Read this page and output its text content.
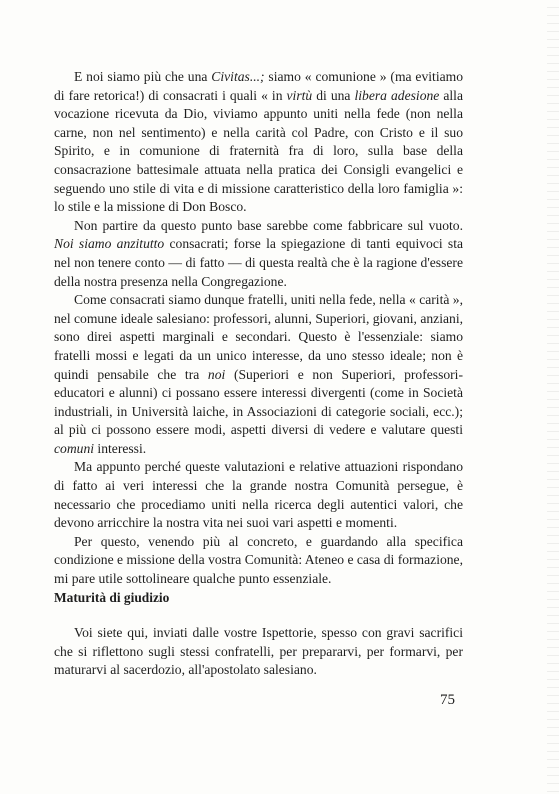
E noi siamo più che una Civitas...; siamo « comunione » (ma evitiamo di fare retorica!) di consacrati i quali « in virtù di una libera adesione alla vocazione ricevuta da Dio, viviamo appunto uniti nella fede (non nella carne, non nel sentimento) e nella carità col Padre, con Cristo e il suo Spirito, e in comunione di fraternità fra di loro, sulla base della consacrazione battesimale attuata nella pratica dei Consigli evangelici e seguendo uno stile di vita e di missione caratteristico della loro famiglia »: lo stile e la missione di Don Bosco.

Non partire da questo punto base sarebbe come fabbricare sul vuoto. Noi siamo anzitutto consacrati; forse la spiegazione di tanti equivoci sta nel non tenere conto — di fatto — di questa realtà che è la ragione d'essere della nostra presenza nella Congregazione.

Come consacrati siamo dunque fratelli, uniti nella fede, nella « carità », nel comune ideale salesiano: professori, alunni, Superiori, giovani, anziani, sono direi aspetti marginali e secondari. Questo è l'essenziale: siamo fratelli mossi e legati da un unico interesse, da uno stesso ideale; non è quindi pensabile che tra noi (Superiori e non Superiori, professori-educatori e alunni) ci possano essere interessi divergenti (come in Società industriali, in Università laiche, in Associazioni di categorie sociali, ecc.); al più ci possono essere modi, aspetti diversi di vedere e valutare questi comuni interessi.

Ma appunto perché queste valutazioni e relative attuazioni rispondano di fatto ai veri interessi che la grande nostra Comunità persegue, è necessario che procediamo uniti nella ricerca degli autentici valori, che devono arricchire la nostra vita nei suoi vari aspetti e momenti.

Per questo, venendo più al concreto, e guardando alla specifica condizione e missione della vostra Comunità: Ateneo e casa di formazione, mi pare utile sottolineare qualche punto essenziale.

Maturità di giudizio

Voi siete qui, inviati dalle vostre Ispettorie, spesso con gravi sacrifici che si riflettono sugli stessi confratelli, per prepararvi, per formarvi, per maturarvi al sacerdozio, all'apostolato salesiano.

75
